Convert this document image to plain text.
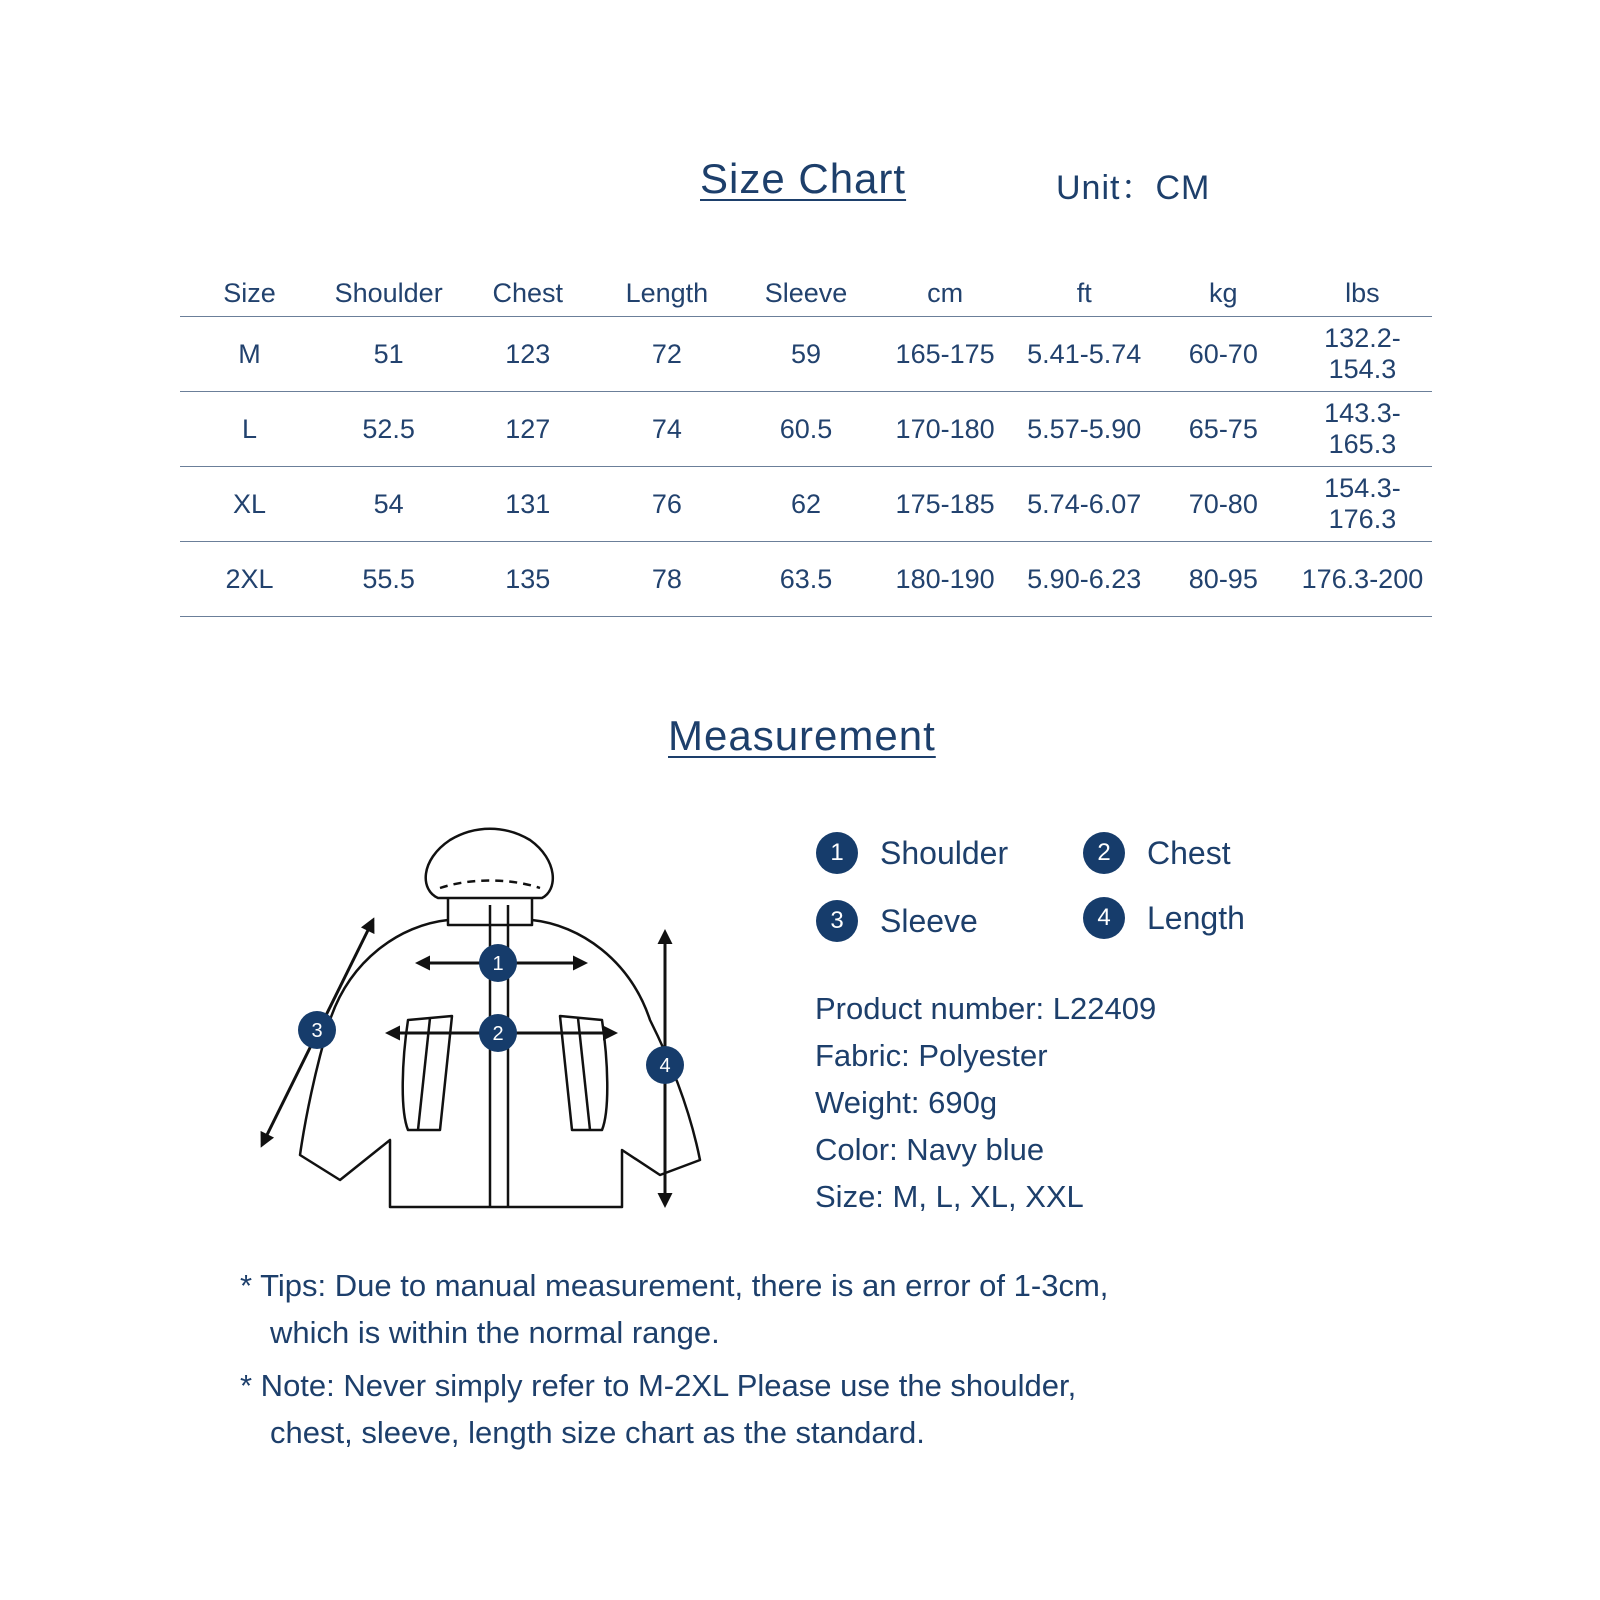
Size Chart	Unit：CM
Size	Shoulder	Chest	Length	Sleeve	cm	ft	kg	lbs
M	51	123	72	59	165-175	5.41-5.74	60-70	132.2-154.3
L	52.5	127	74	60.5	170-180	5.57-5.90	65-75	143.3-165.3
XL	54	131	76	62	175-185	5.74-6.07	70-80	154.3-176.3
2XL	55.5	135	78	63.5	180-190	5.90-6.23	80-95	176.3-200
Measurement
1
2
3
4
1	Shoulder	2	Chest
3	Sleeve	4	Length
Product number: L22409
Fabric: Polyester
Weight: 690g
Color: Navy blue
Size: M, L, XL, XXL
* Tips: Due to manual measurement, there is an error of 1-3cm,
which is within the normal range.
* Note: Never simply refer to M-2XL Please use the shoulder,
chest, sleeve, length size chart as the standard.
